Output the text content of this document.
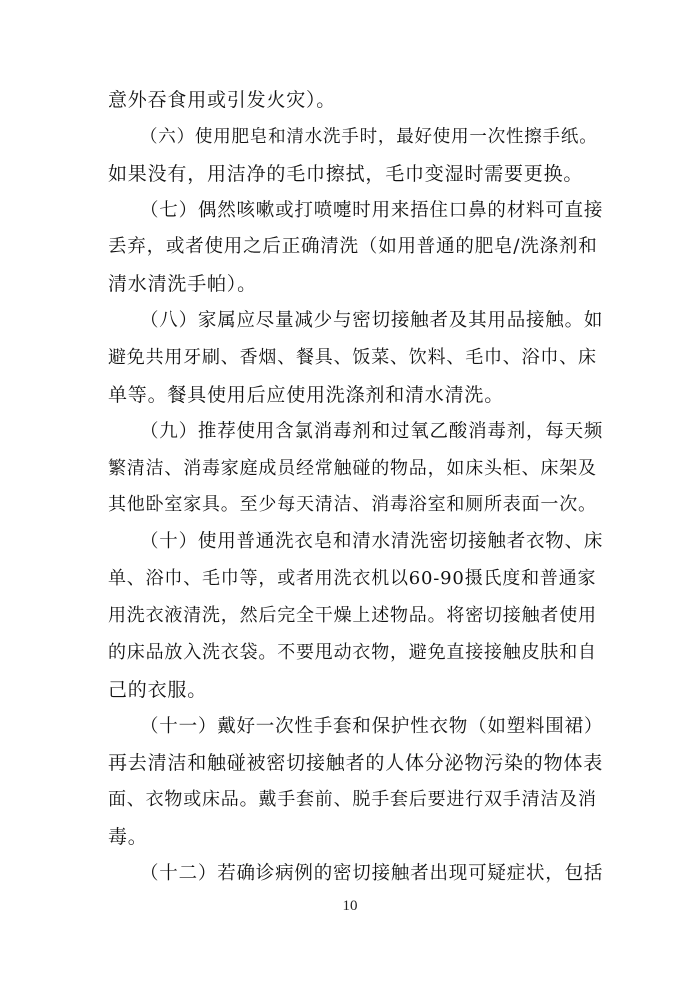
意外吞食用或引发火灾）。
（六）使用肥皂和清水洗手时，最好使用一次性擦手纸。
如果没有，用洁净的毛巾擦拭，毛巾变湿时需要更换。
（七）偶然咳嗽或打喷嚏时用来捂住口鼻的材料可直接
丢弃，或者使用之后正确清洗（如用普通的肥皂/洗涤剂和
清水清洗手帕）。
（八）家属应尽量减少与密切接触者及其用品接触。如
避免共用牙刷、香烟、餐具、饭菜、饮料、毛巾、浴巾、床
单等。餐具使用后应使用洗涤剂和清水清洗。
（九）推荐使用含氯消毒剂和过氧乙酸消毒剂，每天频
繁清洁、消毒家庭成员经常触碰的物品，如床头柜、床架及
其他卧室家具。至少每天清洁、消毒浴室和厕所表面一次。
（十）使用普通洗衣皂和清水清洗密切接触者衣物、床
单、浴巾、毛巾等，或者用洗衣机以60-90摄氏度和普通家
用洗衣液清洗，然后完全干燥上述物品。将密切接触者使用
的床品放入洗衣袋。不要甩动衣物，避免直接接触皮肤和自
己的衣服。
（十一）戴好一次性手套和保护性衣物（如塑料围裙）
再去清洁和触碰被密切接触者的人体分泌物污染的物体表
面、衣物或床品。戴手套前、脱手套后要进行双手清洁及消
毒。
（十二）若确诊病例的密切接触者出现可疑症状，包括
10
